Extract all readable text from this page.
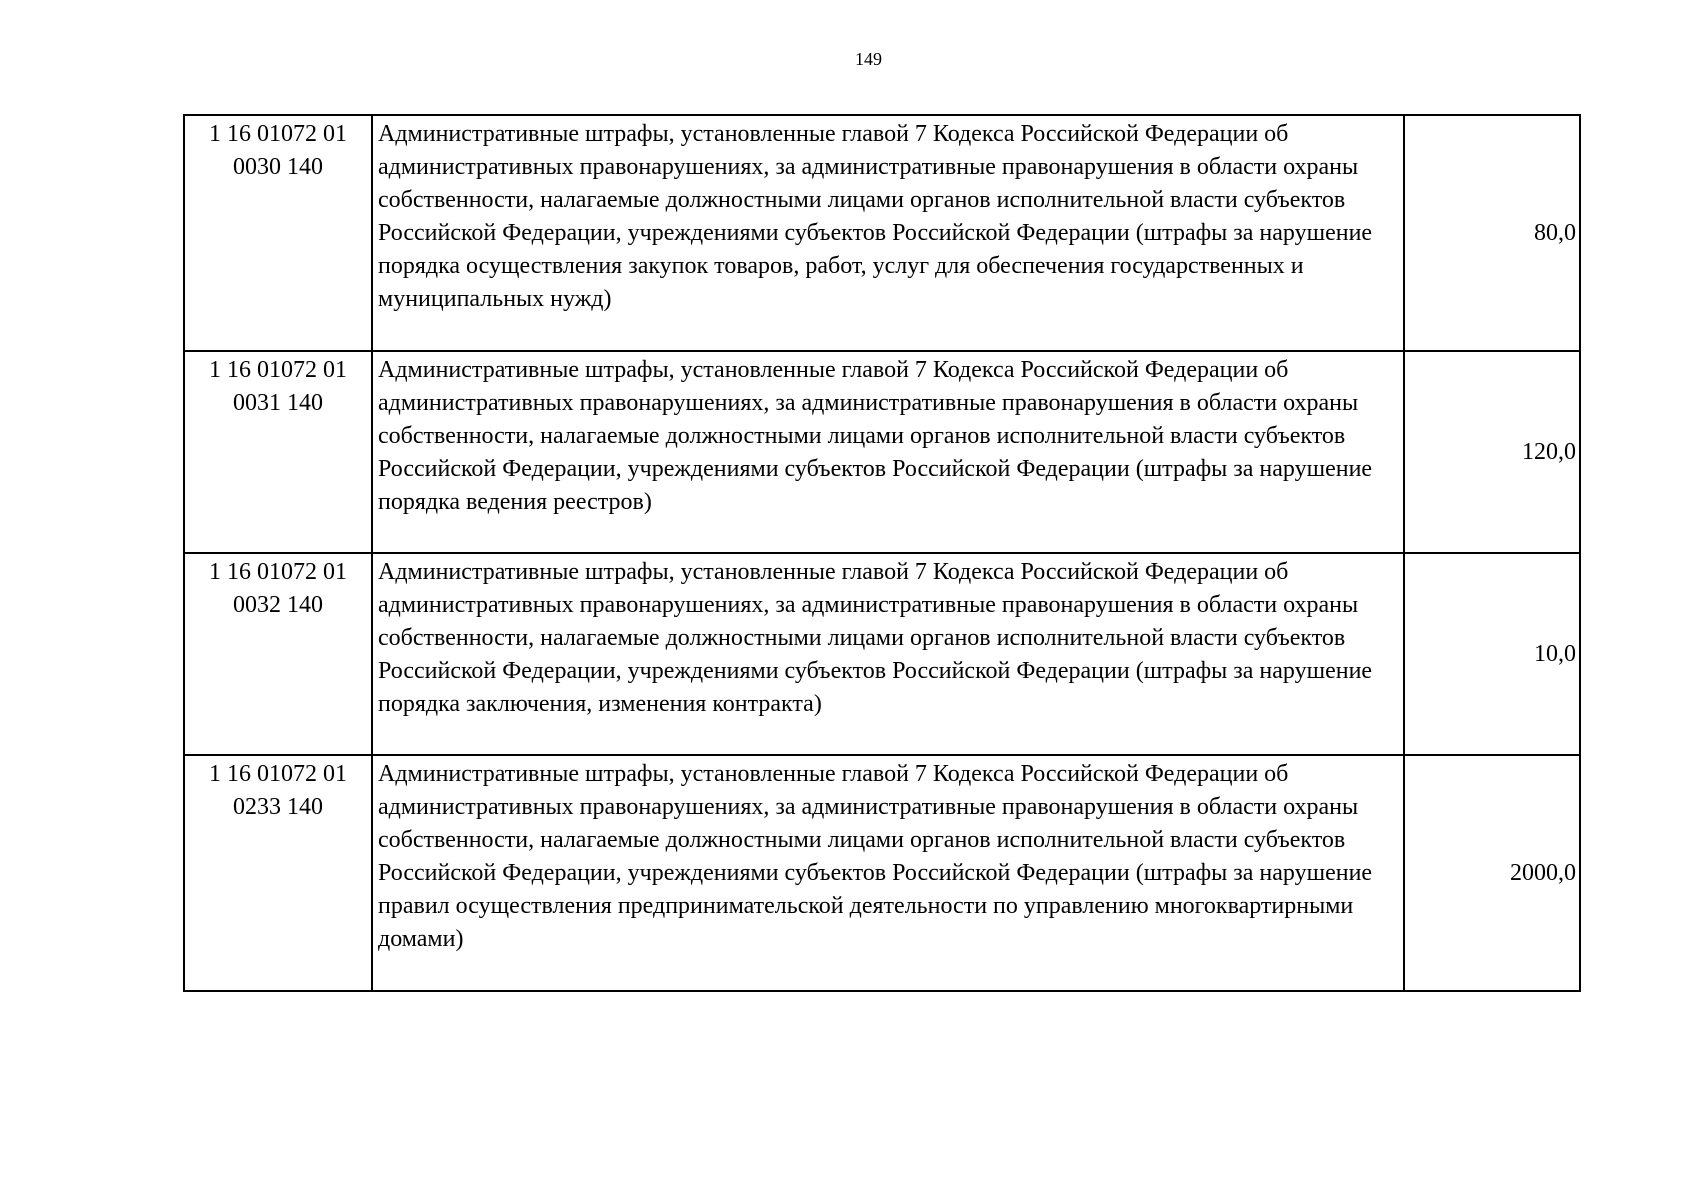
149
1 16 01072 01
0030 140	Административные штрафы, установленные главой 7 Кодекса Российской Федерации об административных правонарушениях, за административные правонарушения в области охраны собственности, налагаемые должностными лицами органов исполнительной власти субъектов Российской Федерации, учреждениями субъектов Российской Федерации (штрафы за нарушение порядка осуществления закупок товаров, работ, услуг для обеспечения государственных и муниципальных нужд)	80,0

1 16 01072 01
0031 140	Административные штрафы, установленные главой 7 Кодекса Российской Федерации об административных правонарушениях, за административные правонарушения в области охраны собственности, налагаемые должностными лицами органов исполнительной власти субъектов Российской Федерации, учреждениями субъектов Российской Федерации (штрафы за нарушение порядка ведения реестров)	120,0

1 16 01072 01
0032 140	Административные штрафы, установленные главой 7 Кодекса Российской Федерации об административных правонарушениях, за административные правонарушения в области охраны собственности, налагаемые должностными лицами органов исполнительной власти субъектов Российской Федерации, учреждениями субъектов Российской Федерации (штрафы за нарушение порядка заключения, изменения контракта)	10,0

1 16 01072 01
0233 140	Административные штрафы, установленные главой 7 Кодекса Российской Федерации об административных правонарушениях, за административные правонарушения в области охраны собственности, налагаемые должностными лицами органов исполнительной власти субъектов Российской Федерации, учреждениями субъектов Российской Федерации (штрафы за нарушение правил осуществления предпринимательской деятельности по управлению многоквартирными домами)	2000,0
